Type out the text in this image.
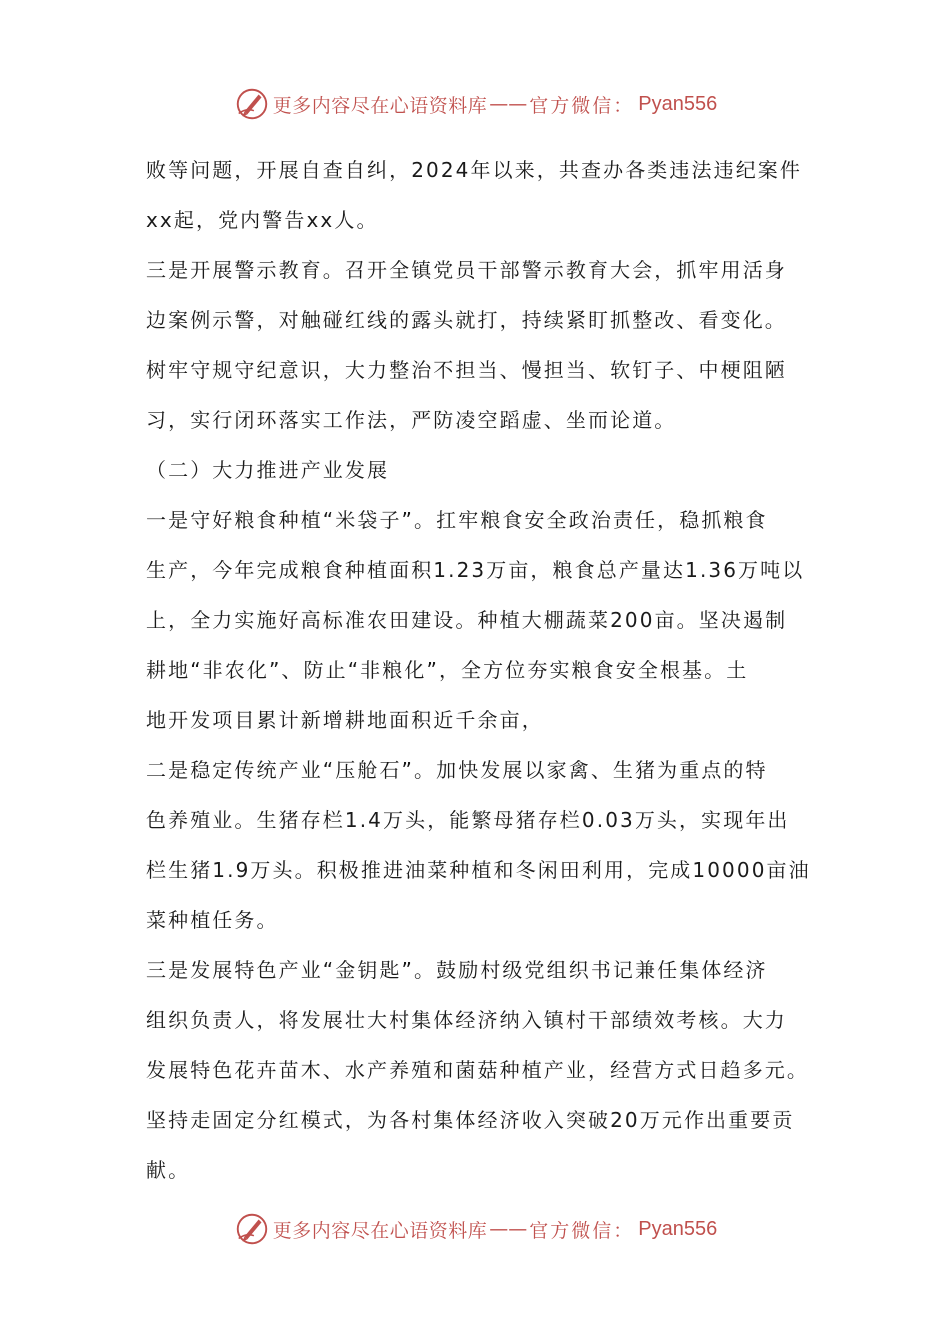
更多内容尽在心语资料库 —— 官方微信： Pyan556
败等问题，开展自查自纠，2024年以来，共查办各类违法违纪案件
xx起，党内警告xx人。
三是开展警示教育。召开全镇党员干部警示教育大会，抓牢用活身
边案例示警，对触碰红线的露头就打，持续紧盯抓整改、看变化。
树牢守规守纪意识，大力整治不担当、慢担当、软钉子、中梗阻陋
习，实行闭环落实工作法，严防凌空蹈虚、坐而论道。
（二）大力推进产业发展
一是守好粮食种植“米袋子”。扛牢粮食安全政治责任，稳抓粮食
生产，今年完成粮食种植面积1.23万亩，粮食总产量达1.36万吨以
上，全力实施好高标准农田建设。种植大棚蔬菜200亩。坚决遏制
耕地“非农化”、防止“非粮化”，全方位夯实粮食安全根基。土
地开发项目累计新增耕地面积近千余亩，
二是稳定传统产业“压舱石”。加快发展以家禽、生猪为重点的特
色养殖业。生猪存栏1.4万头，能繁母猪存栏0.03万头，实现年出
栏生猪1.9万头。积极推进油菜种植和冬闲田利用，完成10000亩油
菜种植任务。
三是发展特色产业“金钥匙”。鼓励村级党组织书记兼任集体经济
组织负责人，将发展壮大村集体经济纳入镇村干部绩效考核。大力
发展特色花卉苗木、水产养殖和菌菇种植产业，经营方式日趋多元。
坚持走固定分红模式，为各村集体经济收入突破20万元作出重要贡
献。
更多内容尽在心语资料库 —— 官方微信： Pyan556
